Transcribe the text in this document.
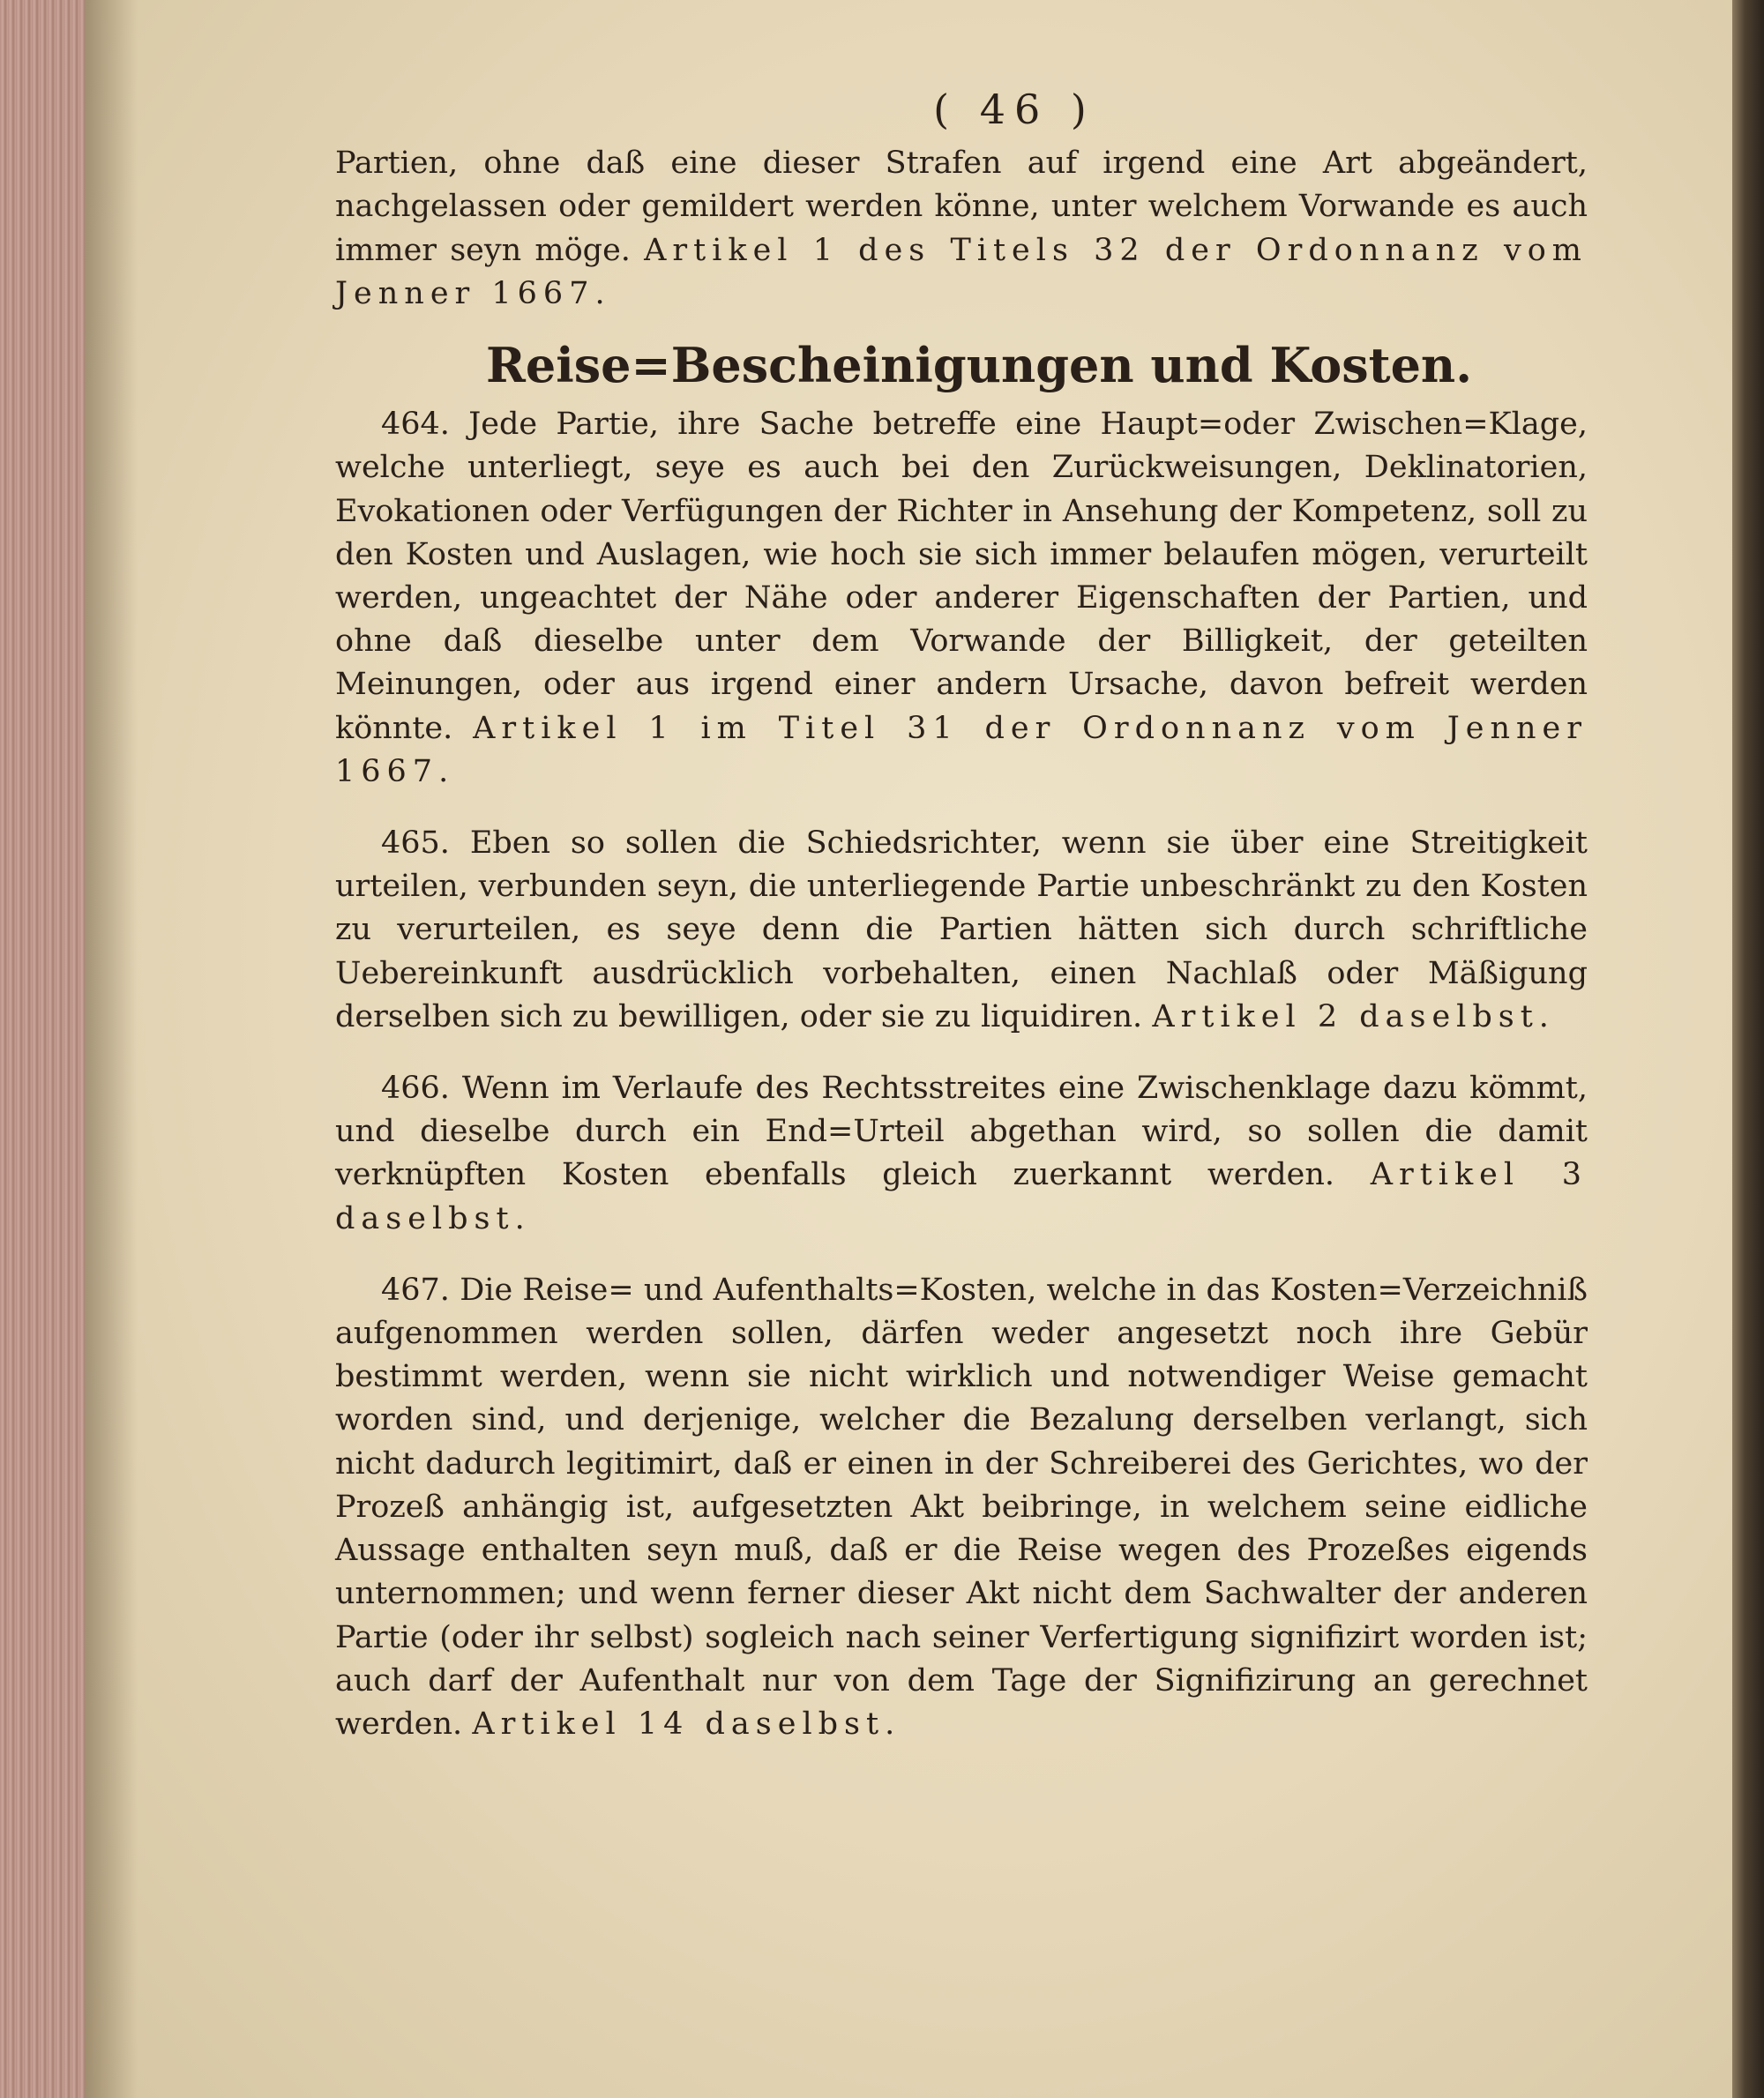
( 46 )

Partien, ohne daß eine dieser Strafen auf irgend eine Art abgeändert, nachgelassen oder gemildert werden könne, unter welchem Vorwande es auch immer seyn möge. Artikel 1 des Titels 32 der Ordonnanz vom Jenner 1667.

Reise=Bescheinigungen und Kosten.

464. Jede Partie, ihre Sache betreffe eine Haupt=oder Zwischen=Klage, welche unterliegt, seye es auch bei den Zurückweisungen, Deklinatorien, Evokationen oder Verfügungen der Richter in Ansehung der Kompetenz, soll zu den Kosten und Auslagen, wie hoch sie sich immer belaufen mögen, verurteilt werden, ungeachtet der Nähe oder anderer Eigenschaften der Partien, und ohne daß dieselbe unter dem Vorwande der Billigkeit, der geteilten Meinungen, oder aus irgend einer andern Ursache, davon befreit werden könnte. Artikel 1 im Titel 31 der Ordonnanz vom Jenner 1667.

465. Eben so sollen die Schiedsrichter, wenn sie über eine Streitigkeit urteilen, verbunden seyn, die unterliegende Partie unbeschränkt zu den Kosten zu verurteilen, es seye denn die Partien hätten sich durch schriftliche Uebereinkunft ausdrücklich vorbehalten, einen Nachlaß oder Mäßigung derselben sich zu bewilligen, oder sie zu liquidiren. Artikel 2 daselbst.

466. Wenn im Verlaufe des Rechtsstreites eine Zwischenklage dazu kömmt, und dieselbe durch ein End=Urteil abgethan wird, so sollen die damit verknüpften Kosten ebenfalls gleich zuerkannt werden. Artikel 3 daselbst.

467. Die Reise= und Aufenthalts=Kosten, welche in das Kosten=Verzeichniß aufgenommen werden sollen, därfen weder angesetzt noch ihre Gebür bestimmt werden, wenn sie nicht wirklich und notwendiger Weise gemacht worden sind, und derjenige, welcher die Bezalung derselben verlangt, sich nicht dadurch legitimirt, daß er einen in der Schreiberei des Gerichtes, wo der Prozeß anhängig ist, aufgesetzten Akt beibringe, in welchem seine eidliche Aussage enthalten seyn muß, daß er die Reise wegen des Prozeßes eigends unternommen; und wenn ferner dieser Akt nicht dem Sachwalter der anderen Partie (oder ihr selbst) sogleich nach seiner Verfertigung signifizirt worden ist; auch darf der Aufenthalt nur von dem Tage der Signifizirung an gerechnet werden. Artikel 14 daselbst.
